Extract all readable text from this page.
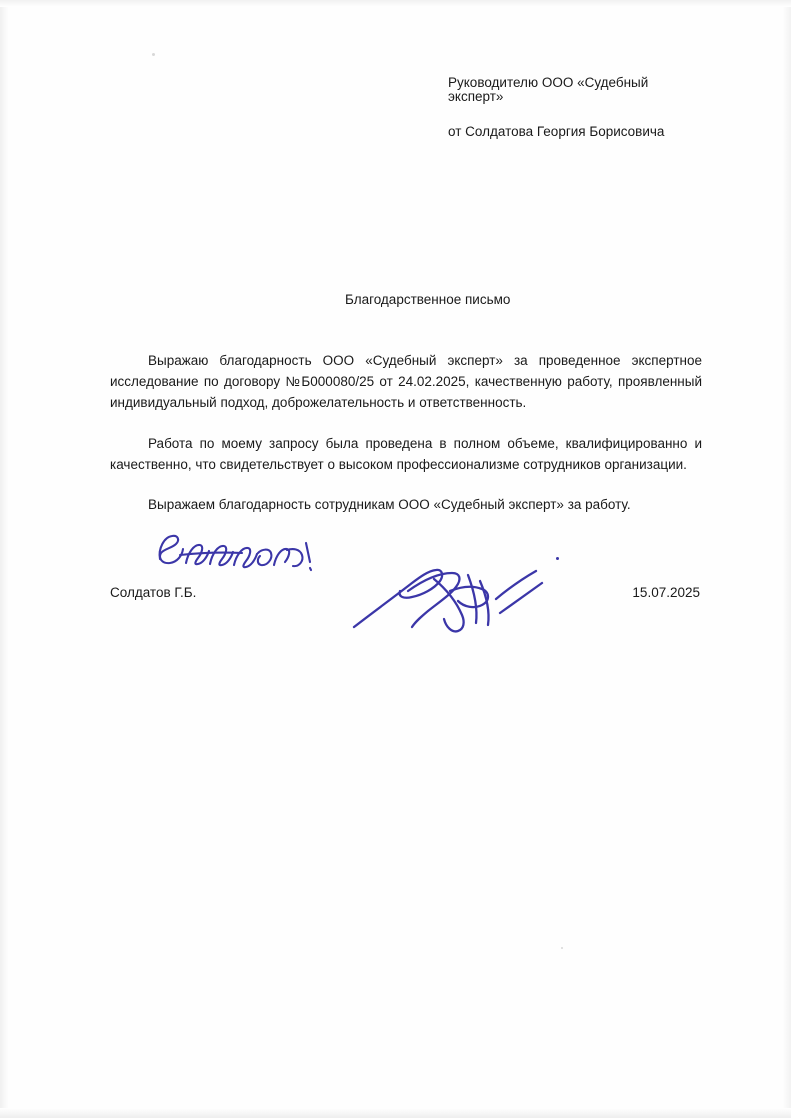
Руководителю ООО «Судебный эксперт»
от Солдатова Георгия Борисовича
Благодарственное письмо

Выражаю благодарность ООО «Судебный эксперт» за проведенное экспертное исследование по договору №Б000080/25 от 24.02.2025, качественную работу, проявленный индивидуальный подход, доброжелательность и ответственность.

Работа по моему запросу была проведена в полном объеме, квалифицированно и качественно, что свидетельствует о высоком профессионализме сотрудников организации.

Выражаем благодарность сотрудникам ООО «Судебный эксперт» за работу.

Солдатов Г.Б.	15.07.2025
